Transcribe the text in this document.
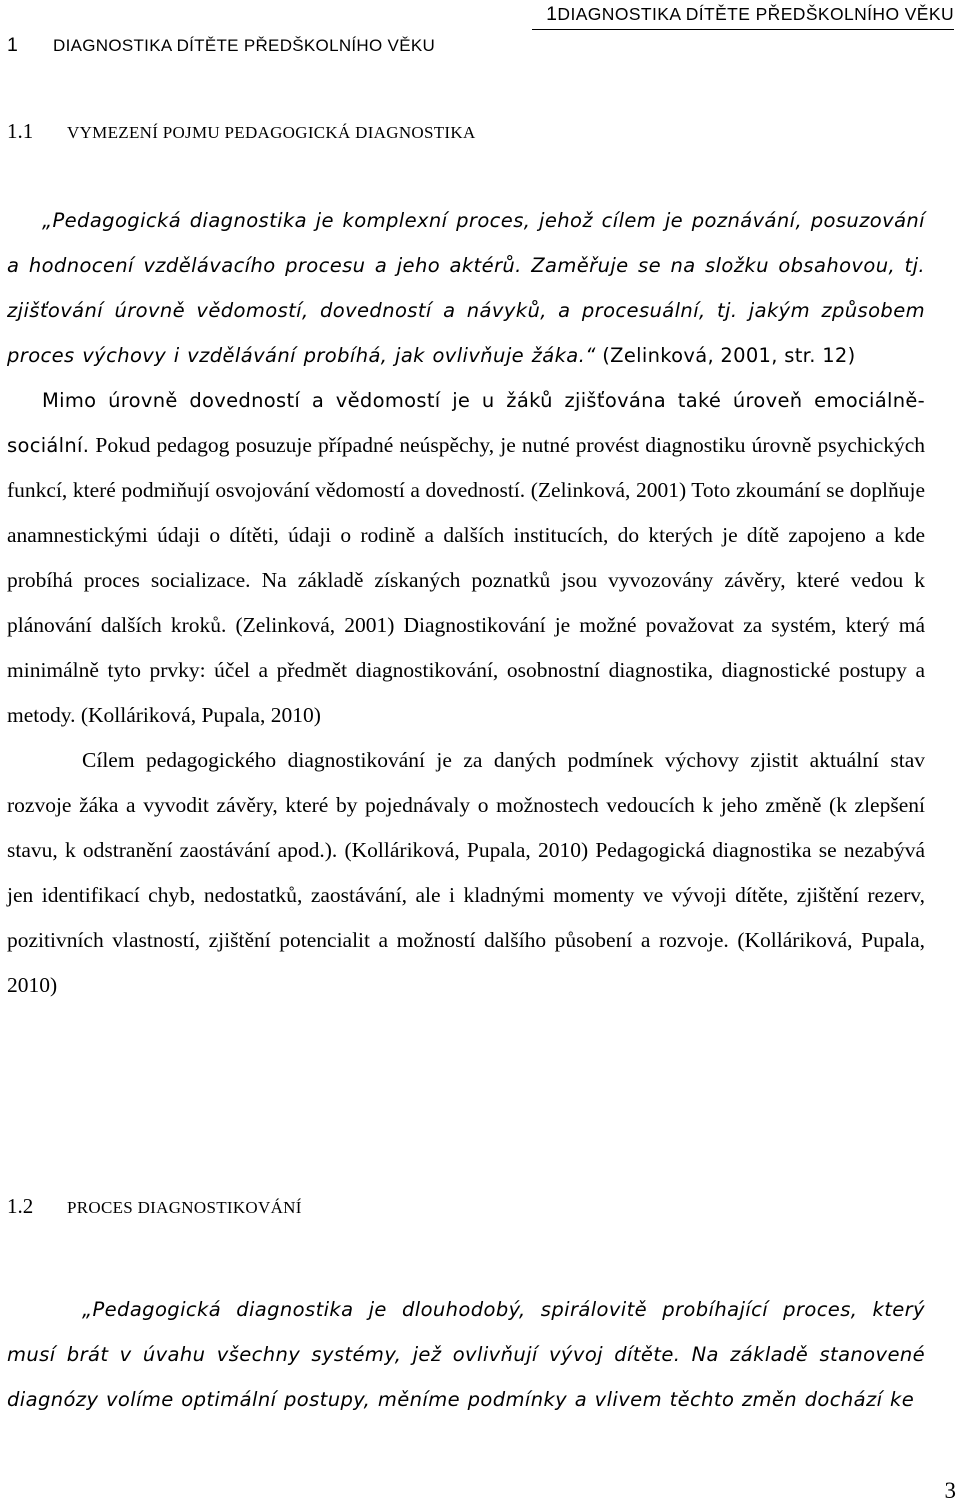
1DIAGNOSTIKA DÍTĚTE PŘEDŠKOLNÍHO VĚKU
1 DIAGNOSTIKA DÍTĚTE PŘEDŠKOLNÍHO VĚKU
1.1 VYMEZENÍ POJMU PEDAGOGICKÁ DIAGNOSTIKA

„Pedagogická diagnostika je komplexní proces, jehož cílem je poznávání, posuzování a hodnocení vzdělávacího procesu a jeho aktérů. Zaměřuje se na složku obsahovou, tj. zjišťování úrovně vědomostí, dovedností a návyků, a procesuální, tj. jakým způsobem proces výchovy i vzdělávání probíhá, jak ovlivňuje žáka.“ (Zelinková, 2001, str. 12)

Mimo úrovně dovedností a vědomostí je u žáků zjišťována také úroveň emociálně-sociální. Pokud pedagog posuzuje případné neúspěchy, je nutné provést diagnostiku úrovně psychických funkcí, které podmiňují osvojování vědomostí a dovedností. (Zelinková, 2001) Toto zkoumání se doplňuje anamnestickými údaji o dítěti, údaji o rodině a dalších institucích, do kterých je dítě zapojeno a kde probíhá proces socializace. Na základě získaných poznatků jsou vyvozovány závěry, které vedou k plánování dalších kroků. (Zelinková, 2001) Diagnostikování je možné považovat za systém, který má minimálně tyto prvky: účel a předmět diagnostikování, osobnostní diagnostika, diagnostické postupy a metody. (Kolláriková, Pupala, 2010)

Cílem pedagogického diagnostikování je za daných podmínek výchovy zjistit aktuální stav rozvoje žáka a vyvodit závěry, které by pojednávaly o možnostech vedoucích k jeho změně (k zlepšení stavu, k odstranění zaostávání apod.). (Kolláriková, Pupala, 2010) Pedagogická diagnostika se nezabývá jen identifikací chyb, nedostatků, zaostávání, ale i kladnými momenty ve vývoji dítěte, zjištění rezerv, pozitivních vlastností, zjištění potencialit a možností dalšího působení a rozvoje. (Kolláriková, Pupala, 2010)

1.2 PROCES DIAGNOSTIKOVÁNÍ

„Pedagogická diagnostika je dlouhodobý, spirálovitě probíhající proces, který musí brát v úvahu všechny systémy, jež ovlivňují vývoj dítěte. Na základě stanovené diagnózy volíme optimální postupy, měníme podmínky a vlivem těchto změn dochází ke

3
